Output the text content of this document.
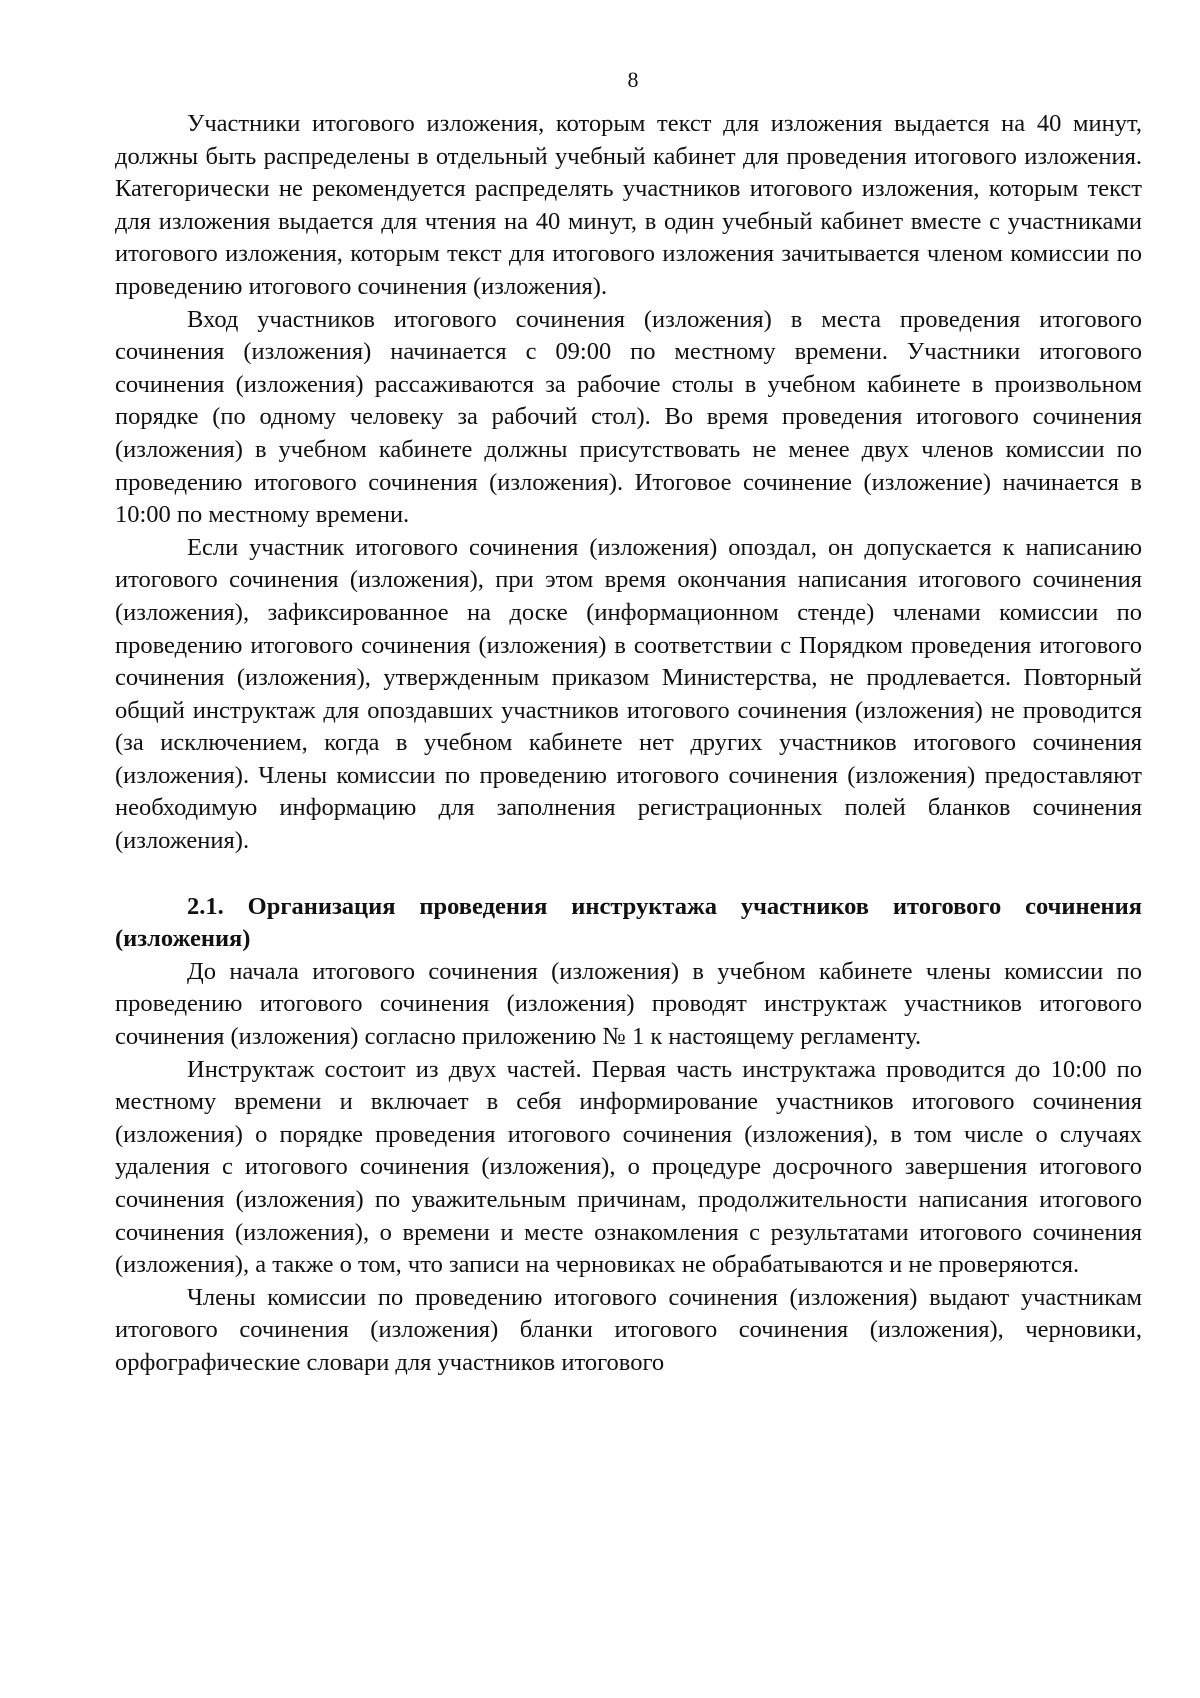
8

Участники итогового изложения, которым текст для изложения выдается на 40 минут, должны быть распределены в отдельный учебный кабинет для проведения итогового изложения. Категорически не рекомендуется распределять участников итогового изложения, которым текст для изложения выдается для чтения на 40 минут, в один учебный кабинет вместе с участниками итогового изложения, которым текст для итогового изложения зачитывается членом комиссии по проведению итогового сочинения (изложения).

Вход участников итогового сочинения (изложения) в места проведения итогового сочинения (изложения) начинается с 09:00 по местному времени. Участники итогового сочинения (изложения) рассаживаются за рабочие столы в учебном кабинете в произвольном порядке (по одному человеку за рабочий стол). Во время проведения итогового сочинения (изложения) в учебном кабинете должны присутствовать не менее двух членов комиссии по проведению итогового сочинения (изложения). Итоговое сочинение (изложение) начинается в 10:00 по местному времени.

Если участник итогового сочинения (изложения) опоздал, он допускается к написанию итогового сочинения (изложения), при этом время окончания написания итогового сочинения (изложения), зафиксированное на доске (информационном стенде) членами комиссии по проведению итогового сочинения (изложения) в соответствии с Порядком проведения итогового сочинения (изложения), утвержденным приказом Министерства, не продлевается. Повторный общий инструктаж для опоздавших участников итогового сочинения (изложения) не проводится (за исключением, когда в учебном кабинете нет других участников итогового сочинения (изложения). Члены комиссии по проведению итогового сочинения (изложения) предоставляют необходимую информацию для заполнения регистрационных полей бланков сочинения (изложения).

2.1. Организация проведения инструктажа участников итогового сочинения (изложения)

До начала итогового сочинения (изложения) в учебном кабинете члены комиссии по проведению итогового сочинения (изложения) проводят инструктаж участников итогового сочинения (изложения) согласно приложению № 1 к настоящему регламенту.

Инструктаж состоит из двух частей. Первая часть инструктажа проводится до 10:00 по местному времени и включает в себя информирование участников итогового сочинения (изложения) о порядке проведения итогового сочинения (изложения), в том числе о случаях удаления с итогового сочинения (изложения), о процедуре досрочного завершения итогового сочинения (изложения) по уважительным причинам, продолжительности написания итогового сочинения (изложения), о времени и месте ознакомления с результатами итогового сочинения (изложения), а также о том, что записи на черновиках не обрабатываются и не проверяются.

Члены комиссии по проведению итогового сочинения (изложения) выдают участникам итогового сочинения (изложения) бланки итогового сочинения (изложения), черновики, орфографические словари для участников итогового
